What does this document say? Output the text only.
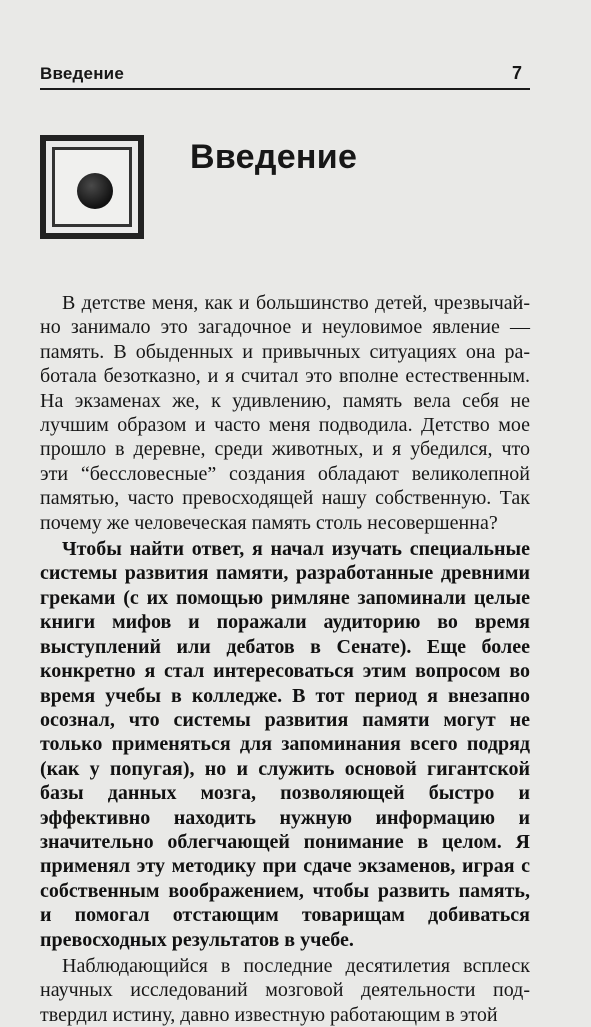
Введение	7
Введение

В детстве меня, как и большинство детей, чрезвычайно занимало это загадочное и неуловимое явление — память. В обыденных и привычных ситуациях она работала безотказно, и я считал это вполне естественным. На экзаменах же, к удивлению, память вела себя не лучшим образом и часто меня подводила. Детство мое прошло в деревне, среди животных, и я убедился, что эти “бессловесные” создания обладают великолепной памятью, часто превосходящей нашу собственную. Так почему же человеческая память столь несовершенна?

Чтобы найти ответ, я начал изучать специальные системы развития памяти, разработанные древними греками (с их помощью римляне запоминали целые книги мифов и поражали аудиторию во время выступлений или дебатов в Сенате). Еще более конкретно я стал интересоваться этим вопросом во время учебы в колледже. В тот период я внезапно осознал, что системы развития памяти могут не только применяться для запоминания всего подряд (как у попугая), но и служить основой гигантской базы данных мозга, позволяющей быстро и эффективно находить нужную информацию и значительно облегчающей понимание в целом. Я применял эту методику при сдаче экзаменов, играя с собственным воображением, чтобы развить память, и помогал отстающим товарищам добиваться превосходных результатов в учебе.

Наблюдающийся в последние десятилетия всплеск научных исследований мозговой деятельности подтвердил истину, давно известную работающим в этой
